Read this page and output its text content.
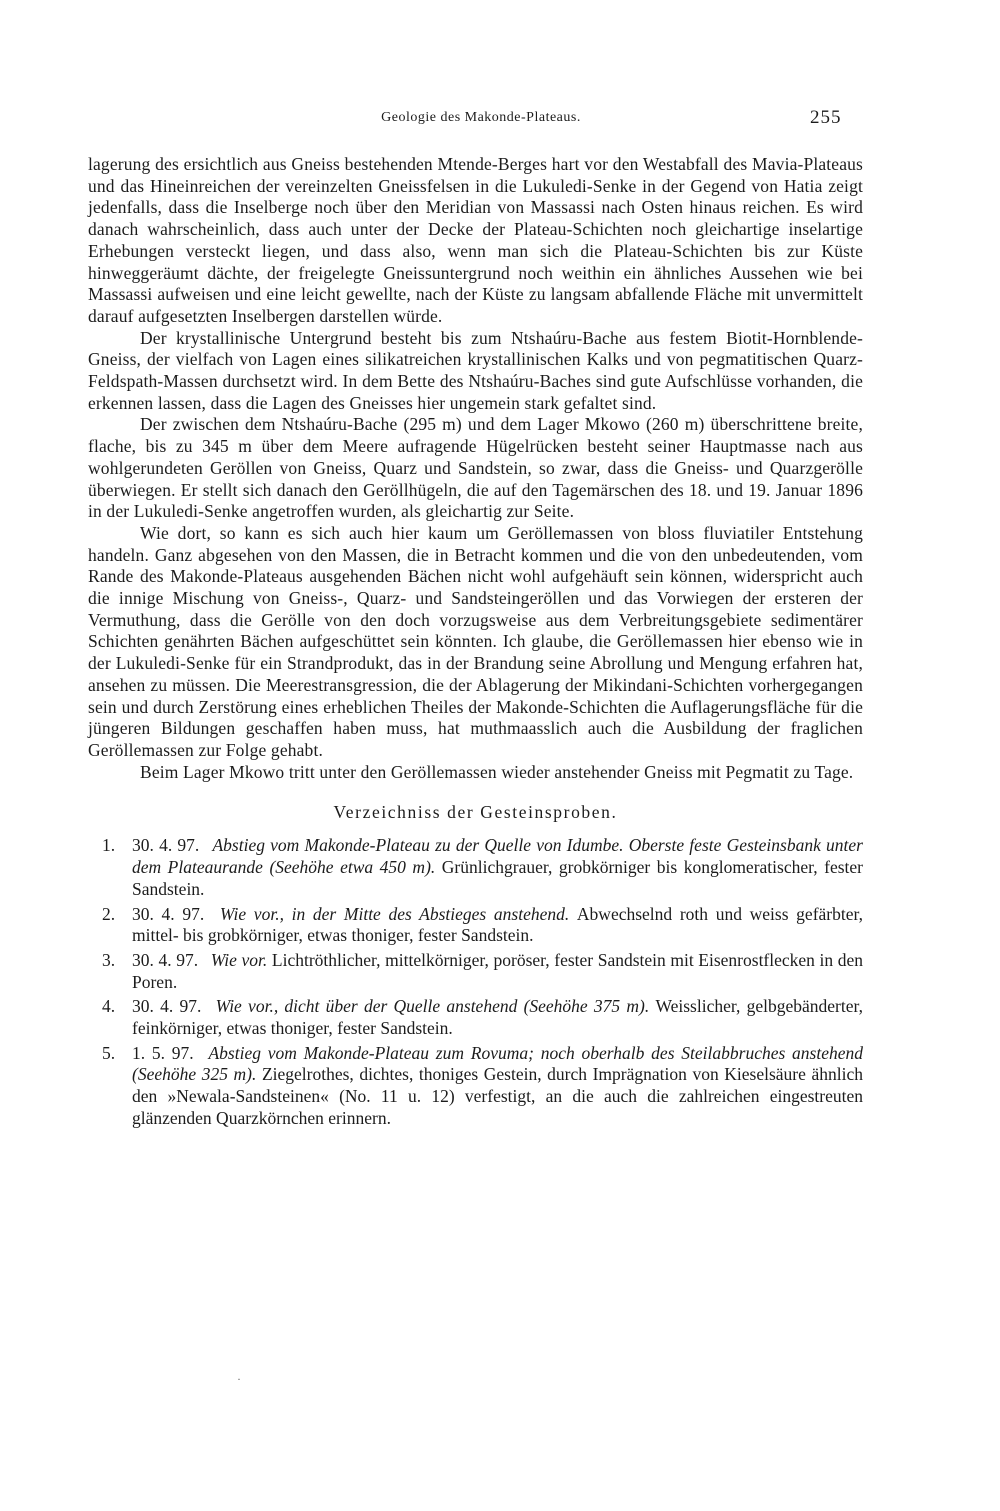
Geologie des Makonde-Plateaus.	255

lagerung des ersichtlich aus Gneiss bestehenden Mtende-Berges hart vor den Westabfall des Mavia-Plateaus und das Hineinreichen der vereinzelten Gneissfelsen in die Lukuledi-Senke in der Gegend von Hatia zeigt jedenfalls, dass die Inselberge noch über den Meridian von Massassi nach Osten hinaus reichen. Es wird danach wahrscheinlich, dass auch unter der Decke der Plateau-Schichten noch gleichartige inselartige Erhebungen versteckt liegen, und dass also, wenn man sich die Plateau-Schichten bis zur Küste hinweggeräumt dächte, der freigelegte Gneissuntergrund noch weithin ein ähnliches Aussehen wie bei Massassi aufweisen und eine leicht gewellte, nach der Küste zu langsam abfallende Fläche mit unvermittelt darauf aufgesetzten Inselbergen darstellen würde.

Der krystallinische Untergrund besteht bis zum Ntshaúru-Bache aus festem Biotit-Hornblende-Gneiss, der vielfach von Lagen eines silikatreichen krystallinischen Kalks und von pegmatitischen Quarz-Feldspath-Massen durchsetzt wird. In dem Bette des Ntshaúru-Baches sind gute Aufschlüsse vorhanden, die erkennen lassen, dass die Lagen des Gneisses hier ungemein stark gefaltet sind.

Der zwischen dem Ntshaúru-Bache (295 m) und dem Lager Mkowo (260 m) überschrittene breite, flache, bis zu 345 m über dem Meere aufragende Hügelrücken besteht seiner Hauptmasse nach aus wohlgerundeten Geröllen von Gneiss, Quarz und Sandstein, so zwar, dass die Gneiss- und Quarzgerölle überwiegen. Er stellt sich danach den Geröllhügeln, die auf den Tagemärschen des 18. und 19. Januar 1896 in der Lukuledi-Senke angetroffen wurden, als gleichartig zur Seite.

Wie dort, so kann es sich auch hier kaum um Geröllemassen von bloss fluviatiler Entstehung handeln. Ganz abgesehen von den Massen, die in Betracht kommen und die von den unbedeutenden, vom Rande des Makonde-Plateaus ausgehenden Bächen nicht wohl aufgehäuft sein können, widerspricht auch die innige Mischung von Gneiss-, Quarz- und Sandsteingeröllen und das Vorwiegen der ersteren der Vermuthung, dass die Gerölle von den doch vorzugsweise aus dem Verbreitungsgebiete sedimentärer Schichten genährten Bächen aufgeschüttet sein könnten. Ich glaube, die Geröllemassen hier ebenso wie in der Lukuledi-Senke für ein Strandprodukt, das in der Brandung seine Abrollung und Mengung erfahren hat, ansehen zu müssen. Die Meerestransgression, die der Ablagerung der Mikindani-Schichten vorhergegangen sein und durch Zerstörung eines erheblichen Theiles der Makonde-Schichten die Auflagerungsfläche für die jüngeren Bildungen geschaffen haben muss, hat muthmaasslich auch die Ausbildung der fraglichen Geröllemassen zur Folge gehabt.

Beim Lager Mkowo tritt unter den Geröllemassen wieder anstehender Gneiss mit Pegmatit zu Tage.

Verzeichniss der Gesteinsproben.
1. 30. 4. 97. Abstieg vom Makonde-Plateau zu der Quelle von Idumbe. Oberste feste Gesteinsbank unter dem Plateaurande (Seehöhe etwa 450 m). Grünlichgrauer, grobkörniger bis konglomeratischer, fester Sandstein.
2. 30. 4. 97. Wie vor., in der Mitte des Abstieges anstehend. Abwechselnd roth und weiss gefärbter, mittel- bis grobkörniger, etwas thoniger, fester Sandstein.
3. 30. 4. 97. Wie vor. Lichtröthlicher, mittelkörniger, poröser, fester Sandstein mit Eisenrostflecken in den Poren.
4. 30. 4. 97. Wie vor., dicht über der Quelle anstehend (Seehöhe 375 m). Weisslicher, gelbgebänderter, feinkörniger, etwas thoniger, fester Sandstein.
5. 1. 5. 97. Abstieg vom Makonde-Plateau zum Rovuma; noch oberhalb des Steilabbruches anstehend (Seehöhe 325 m). Ziegelrothes, dichtes, thoniges Gestein, durch Imprägnation von Kieselsäure ähnlich den »Newala-Sandsteinen« (No. 11 u. 12) verfestigt, an die auch die zahlreichen eingestreuten glänzenden Quarzkörnchen erinnern.
·
